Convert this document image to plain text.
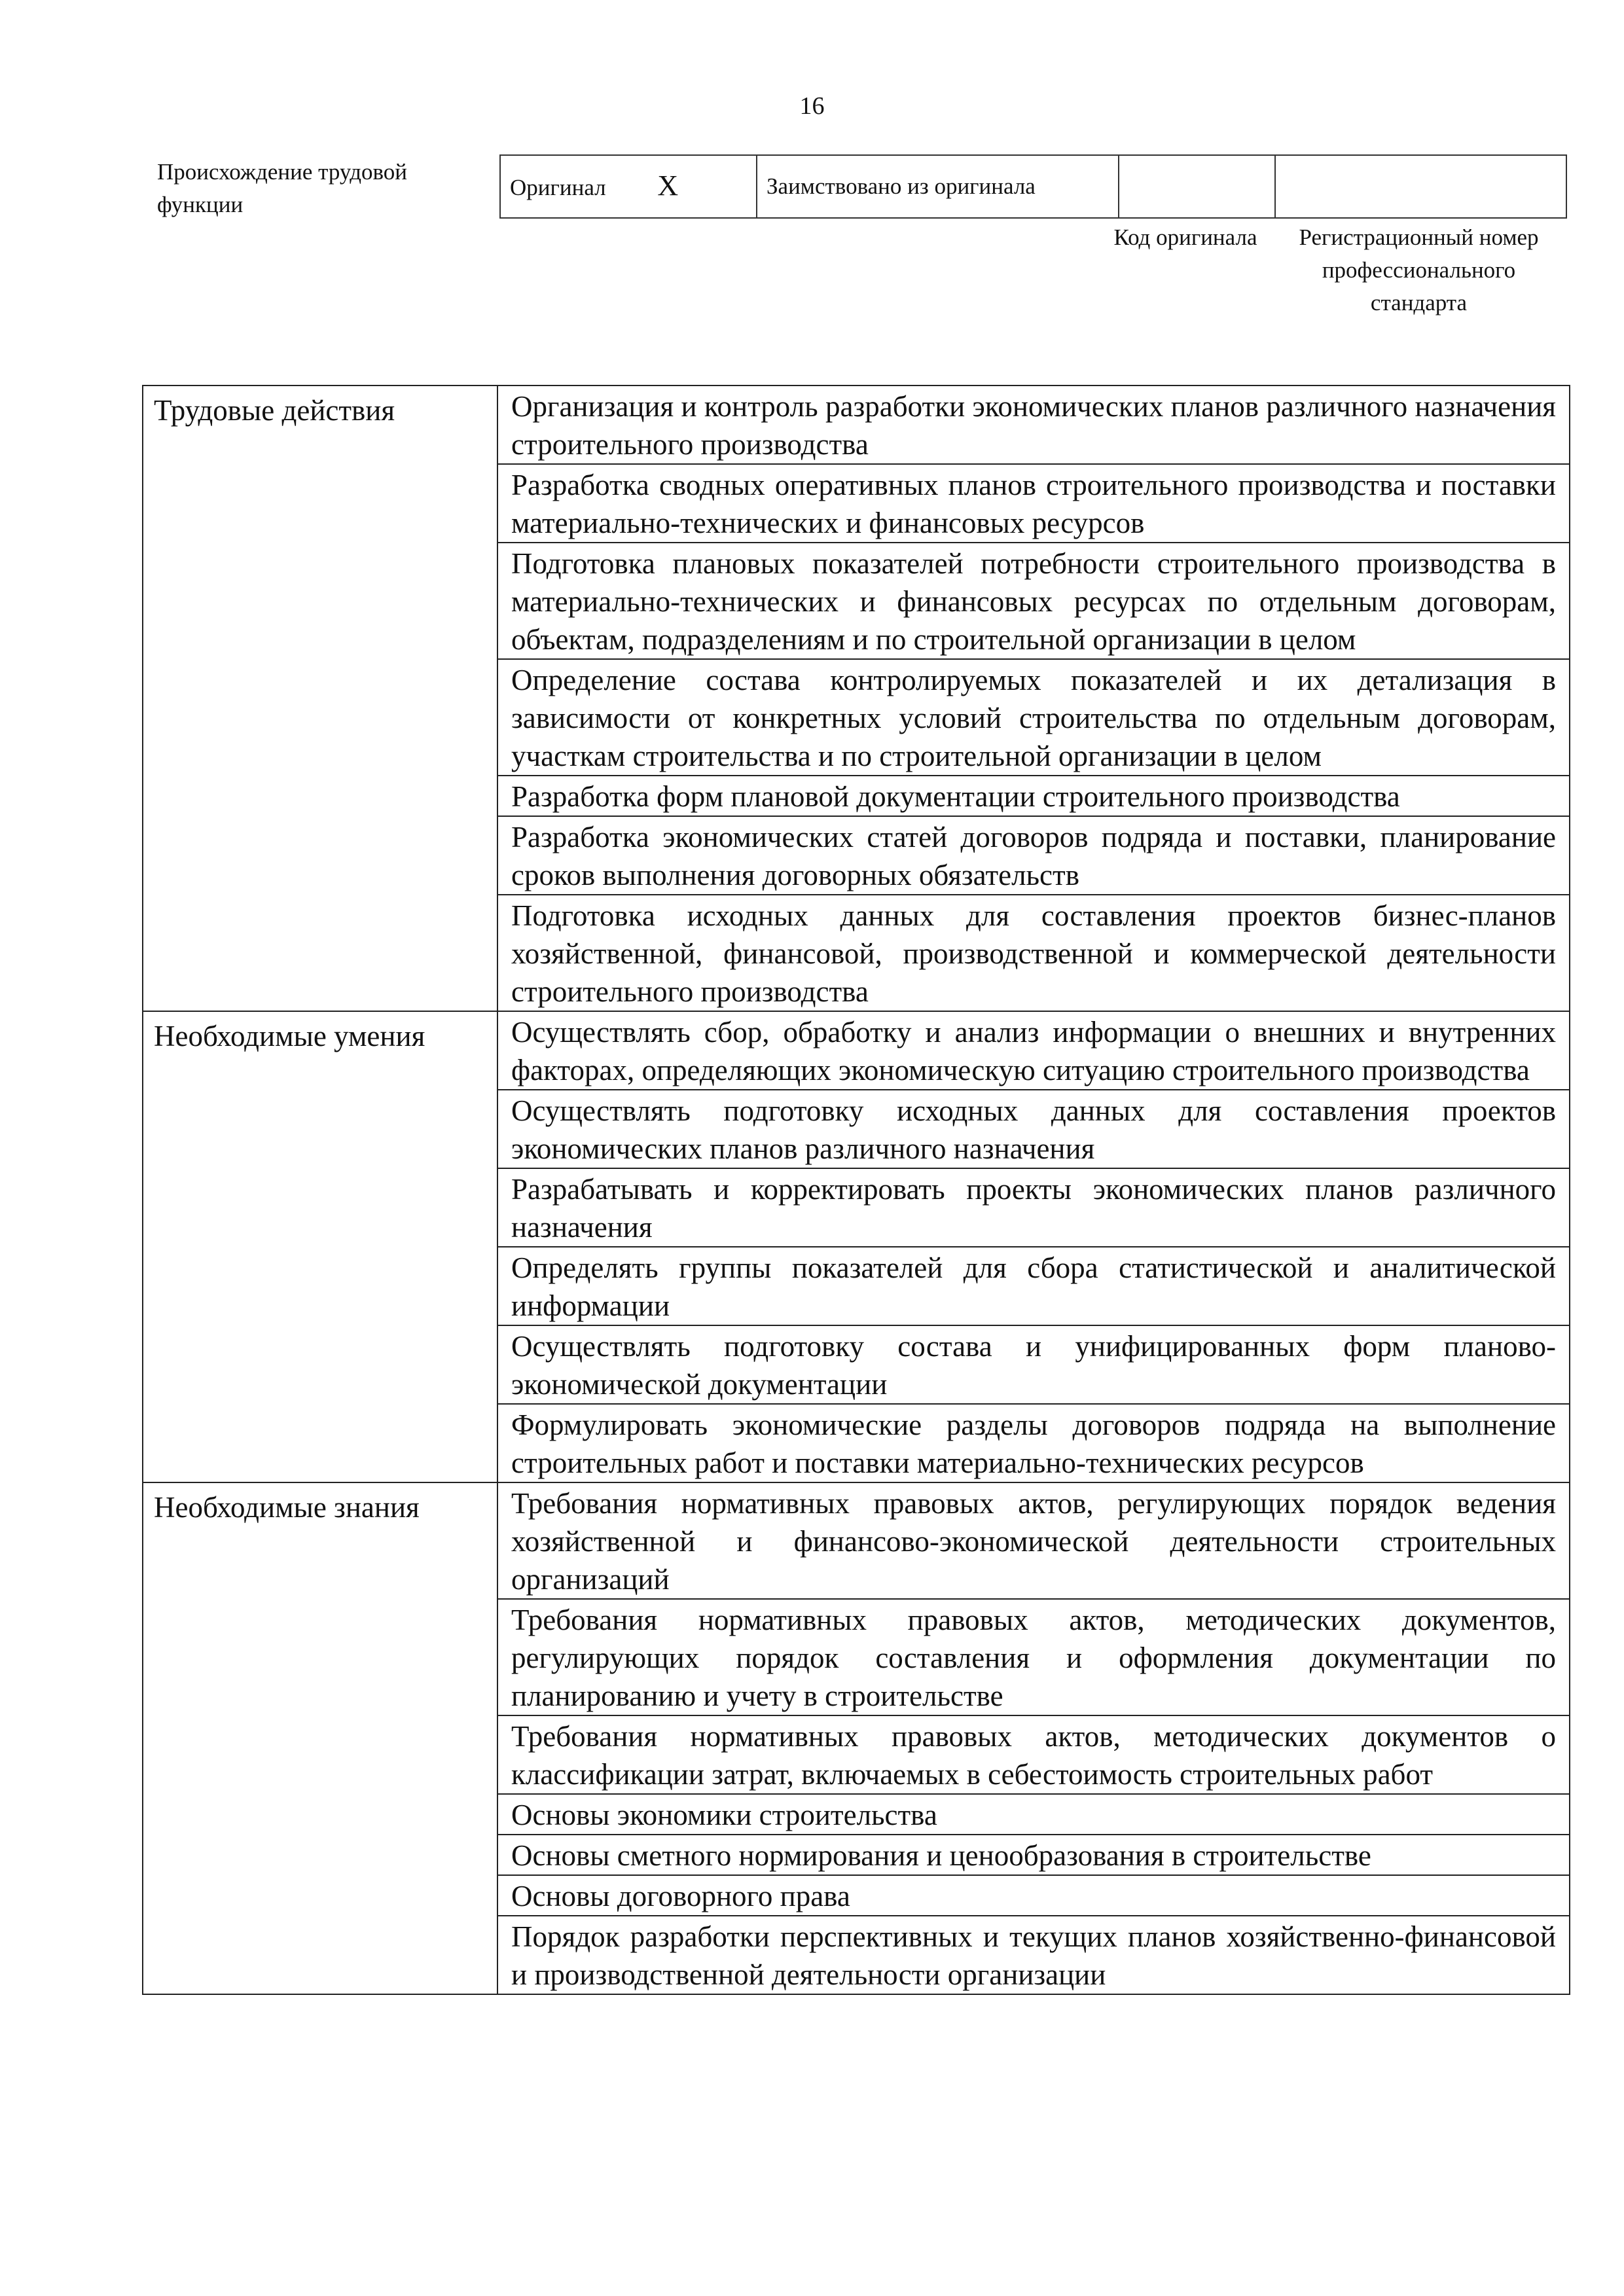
16
Происхождение трудовой функции
Оригинал X	Заимствовано из оригинала		
Код оригинала	Регистрационный номер профессионального стандарта
Трудовые действия	Организация и контроль разработки экономических планов различного назначения строительного производства
	Разработка сводных оперативных планов строительного производства и поставки материально-технических и финансовых ресурсов
	Подготовка плановых показателей потребности строительного производства в материально-технических и финансовых ресурсах по отдельным договорам, объектам, подразделениям и по строительной организации в целом
	Определение состава контролируемых показателей и их детализация в зависимости от конкретных условий строительства по отдельным договорам, участкам строительства и по строительной организации в целом
	Разработка форм плановой документации строительного производства
	Разработка экономических статей договоров подряда и поставки, планирование сроков выполнения договорных обязательств
	Подготовка исходных данных для составления проектов бизнес-планов хозяйственной, финансовой, производственной и коммерческой деятельности строительного производства
Необходимые умения	Осуществлять сбор, обработку и анализ информации о внешних и внутренних факторах, определяющих экономическую ситуацию строительного производства
	Осуществлять подготовку исходных данных для составления проектов экономических планов различного назначения
	Разрабатывать и корректировать проекты экономических планов различного назначения
	Определять группы показателей для сбора статистической и аналитической информации
	Осуществлять подготовку состава и унифицированных форм планово-экономической документации
	Формулировать экономические разделы договоров подряда на выполнение строительных работ и поставки материально-технических ресурсов
Необходимые знания	Требования нормативных правовых актов, регулирующих порядок ведения хозяйственной и финансово-экономической деятельности строительных организаций
	Требования нормативных правовых актов, методических документов, регулирующих порядок составления и оформления документации по планированию и учету в строительстве
	Требования нормативных правовых актов, методических документов о классификации затрат, включаемых в себестоимость строительных работ
	Основы экономики строительства
	Основы сметного нормирования и ценообразования в строительстве
	Основы договорного права
	Порядок разработки перспективных и текущих планов хозяйственно-финансовой и производственной деятельности организации
